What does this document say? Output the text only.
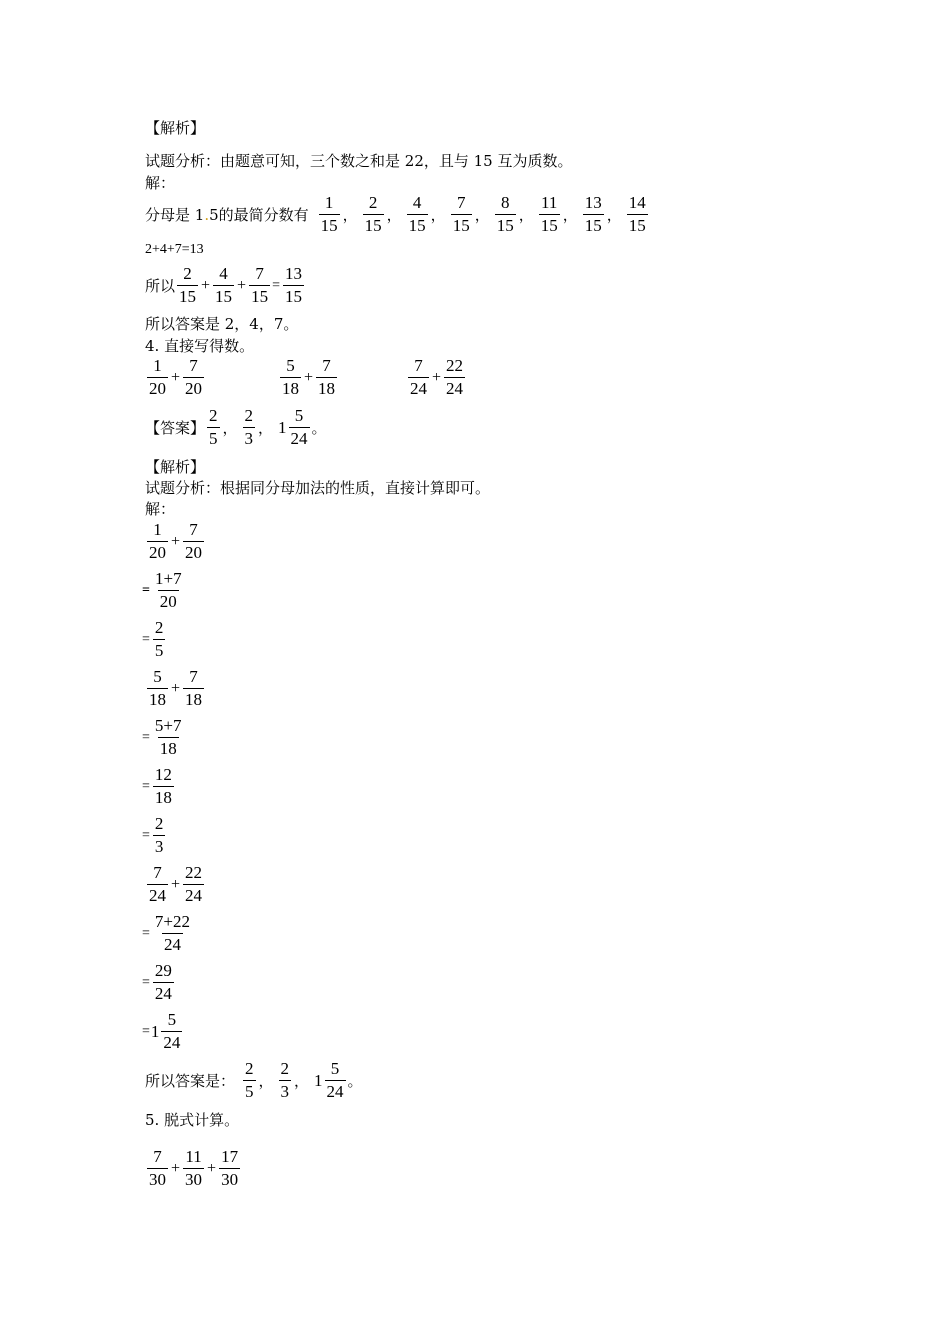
【解析】
试题分析：由题意可知，三个数之和是 22，且与 15 互为质数。
解：
分母是 1 . 5的最简分数有 $\frac{1}{15}$ ， $\frac{2}{15}$ ， $\frac{4}{15}$ ， $\frac{7}{15}$ ， $\frac{8}{15}$ ， $\frac{11}{15}$ ， $\frac{13}{15}$ ， $\frac{14}{15}$
2+4+7=13
所以 $\frac{2}{15} + \frac{4}{15} + \frac{7}{15} = \frac{13}{15}$
所以答案是 2，4，7。
4. 直接写得数。
$\frac{1}{20} + \frac{7}{20}$	$\frac{5}{18} + \frac{7}{18}$	$\frac{7}{24} + \frac{22}{24}$
【答案】 $\frac{2}{5}$ ， $\frac{2}{3}$ ， $1 \frac{5}{24}$ 。
【解析】
试题分析：根据同分母加法的性质，直接计算即可。
解：
$\frac{1}{20} + \frac{7}{20}$
= $\frac{1+7}{20}$
= $\frac{2}{5}$
$\frac{5}{18} + \frac{7}{18}$
= $\frac{5+7}{18}$
= $\frac{12}{18}$
= $\frac{2}{3}$
$\frac{7}{24} + \frac{22}{24}$
= $\frac{7+22}{24}$
= $\frac{29}{24}$
= $1 \frac{5}{24}$
所以答案是： $\frac{2}{5}$ ， $\frac{2}{3}$ ， $1 \frac{5}{24}$ 。
5. 脱式计算。
$\frac{7}{30} + \frac{11}{30} + \frac{17}{30}$
